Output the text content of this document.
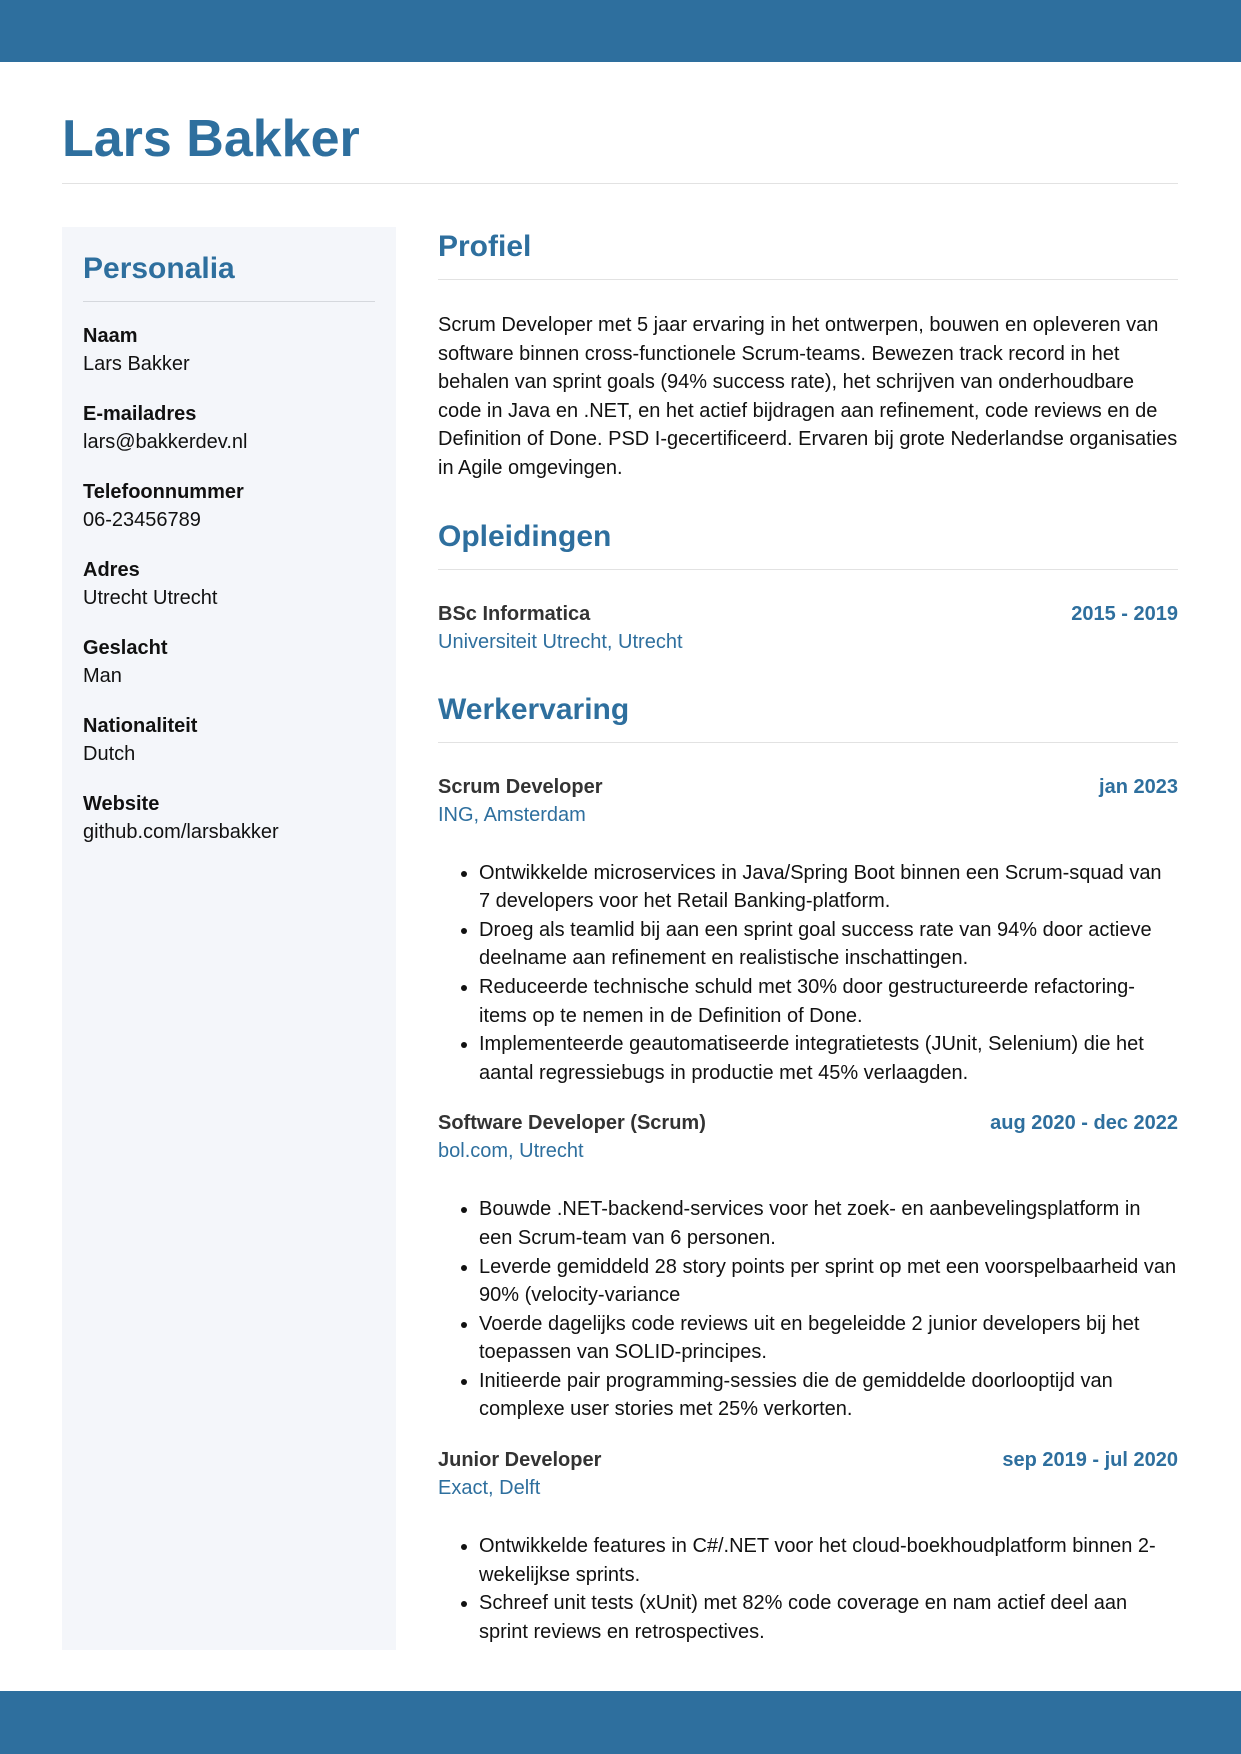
Lars Bakker
Personalia
Naam
Lars Bakker
E-mailadres
lars@bakkerdev.nl
Telefoonnummer
06-23456789
Adres
Utrecht Utrecht
Geslacht
Man
Nationaliteit
Dutch
Website
github.com/larsbakker
Profiel

Scrum Developer met 5 jaar ervaring in het ontwerpen, bouwen en opleveren van software binnen cross-functionele Scrum-teams. Bewezen track record in het behalen van sprint goals (94% success rate), het schrijven van onderhoudbare code in Java en .NET, en het actief bijdragen aan refinement, code reviews en de Definition of Done. PSD I-gecertificeerd. Ervaren bij grote Nederlandse organisaties in Agile omgevingen.

Opleidingen
BSc Informatica	2015 - 2019
Universiteit Utrecht, Utrecht
Werkervaring
Scrum Developer	jan 2023
ING, Amsterdam
• Ontwikkelde microservices in Java/Spring Boot binnen een Scrum-squad van 7 developers voor het Retail Banking-platform.
• Droeg als teamlid bij aan een sprint goal success rate van 94% door actieve deelname aan refinement en realistische inschattingen.
• Reduceerde technische schuld met 30% door gestructureerde refactoring-items op te nemen in de Definition of Done.
• Implementeerde geautomatiseerde integratietests (JUnit, Selenium) die het aantal regressiebugs in productie met 45% verlaagden.
Software Developer (Scrum)	aug 2020 - dec 2022
bol.com, Utrecht
• Bouwde .NET-backend-services voor het zoek- en aanbevelingsplatform in een Scrum-team van 6 personen.
• Leverde gemiddeld 28 story points per sprint op met een voorspelbaarheid van 90% (velocity-variance
• Voerde dagelijks code reviews uit en begeleidde 2 junior developers bij het toepassen van SOLID-principes.
• Initieerde pair programming-sessies die de gemiddelde doorlooptijd van complexe user stories met 25% verkorten.
Junior Developer	sep 2019 - jul 2020
Exact, Delft
• Ontwikkelde features in C#/.NET voor het cloud-boekhoudplatform binnen 2-wekelijkse sprints.
• Schreef unit tests (xUnit) met 82% code coverage en nam actief deel aan sprint reviews en retrospectives.
